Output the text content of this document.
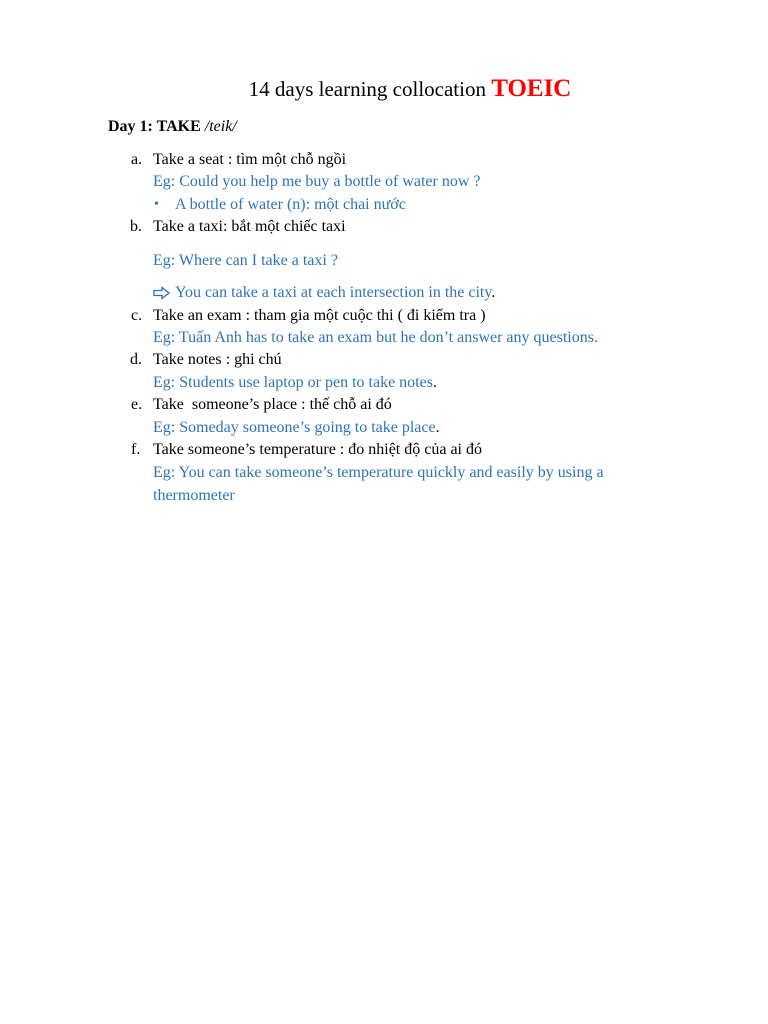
14 days learning collocation TOEIC
Day 1: TAKE /teik/
a. Take a seat : tìm một chỗ ngồi
Eg: Could you help me buy a bottle of water now ?
• A bottle of water (n): một chai nước
b. Take a taxi: bắt một chiếc taxi
Eg: Where can I take a taxi ?
You can take a taxi at each intersection in the city.
c. Take an exam : tham gia một cuộc thi ( đi kiểm tra )
Eg: Tuấn Anh has to take an exam but he don’t answer any questions.
d. Take notes : ghi chú
Eg: Students use laptop or pen to take notes.
e. Take  someone’s place : thế chỗ ai đó
Eg: Someday someone’s going to take place.
f. Take someone’s temperature : đo nhiệt độ của ai đó
Eg: You can take someone’s temperature quickly and easily by using a
thermometer
